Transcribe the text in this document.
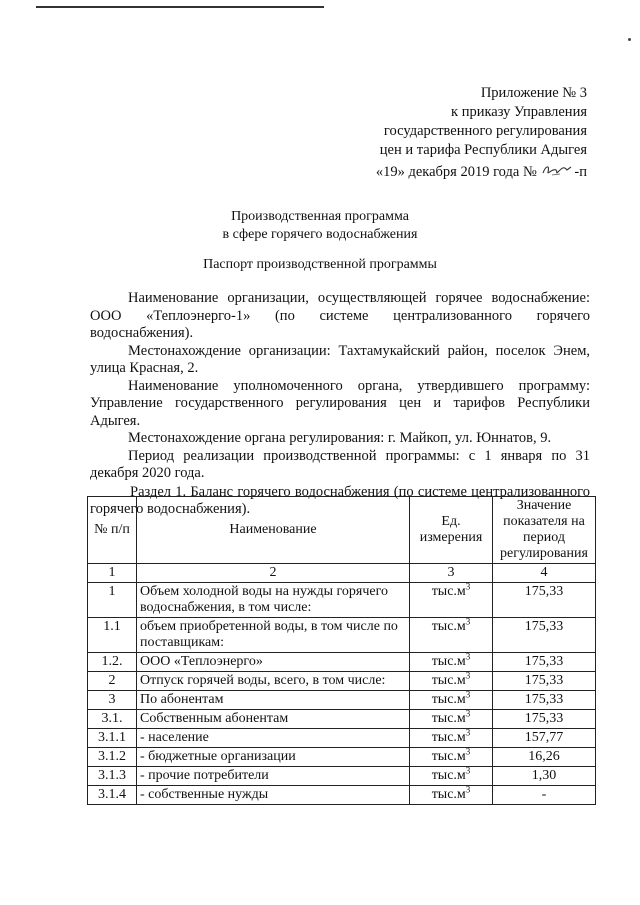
Приложение № 3
к приказу Управления
государственного регулирования
цен и тарифа Республики Адыгея
«19» декабря 2019 года №	-п
Производственная программа
в сфере горячего водоснабжения
Паспорт производственной программы

Наименование организации, осуществляющей горячее водоснабжение: ООО «Теплоэнерго-1» (по системе централизованного горячего водоснабжения).

Местонахождение организации: Тахтамукайский район, поселок Энем, улица Красная, 2.

Наименование уполномоченного органа, утвердившего программу: Управление государственного регулирования цен и тарифов Республики Адыгея.

Местонахождение органа регулирования: г. Майкоп, ул. Юннатов, 9.

Период реализации производственной программы: с 1 января по 31 декабря 2020 года.

Раздел 1. Баланс горячего водоснабжения (по системе централизованного горячего водоснабжения).

№ п/п	Наименование	Ед. измерения	Значение показателя на период регулирования
1	2	3	4
1	Объем холодной воды на нужды горячего водоснабжения, в том числе:	$тыс.м^3$	175,33
1.1	объем приобретенной воды, в том числе по поставщикам:	$тыс.м^3$	175,33
1.2.	ООО «Теплоэнерго»	$тыс.м^3$	175,33
2	Отпуск горячей воды, всего, в том числе:	$тыс.м^3$	175,33
3	По абонентам	$тыс.м^3$	175,33
3.1.	Собственным абонентам	$тыс.м^3$	175,33
3.1.1	- население	$тыс.м^3$	157,77
3.1.2	- бюджетные организации	$тыс.м^3$	16,26
3.1.3	- прочие потребители	$тыс.м^3$	1,30
3.1.4	- собственные нужды	$тыс.м^3$	-
